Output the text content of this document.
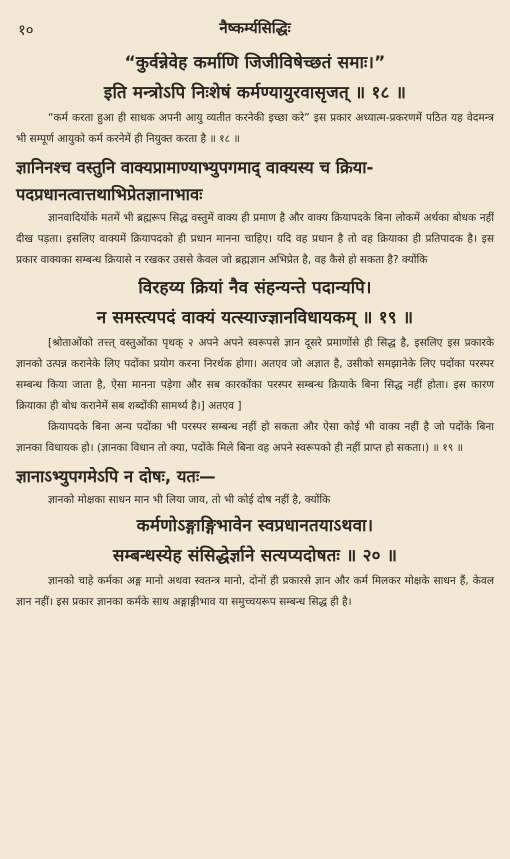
१०	नैष्कर्म्यसिद्धिः
“कुर्वन्नेवेह कर्माणि जिजीविषेच्छतं समाः।”
इति मन्त्रोऽपि निःशेषं कर्मण्यायुरवासृजत् ॥ १८ ॥

“कर्म करता हुआ ही साधक अपनी आयु व्यतीत करनेकी इच्छा करे” इस प्रकार अध्यात्म-प्रकरणमें पठित यह वेदमन्त्र भी सम्पूर्ण आयुको कर्म करनेमें ही नियुक्त करता है ॥ १८ ॥

ज्ञानिनश्च वस्तुनि वाक्यप्रामाण्याभ्युपगमाद् वाक्यस्य च क्रिया-पदप्रधानत्वात्तथाभिप्रेतज्ञानाभावः

ज्ञानवादियोंके मतमें भी ब्रह्मरूप सिद्ध वस्तुमें वाक्य ही प्रमाण है और वाक्य क्रियापदके बिना लोकमें अर्थका बोधक नहीं दीख पड़ता। इसलिए वाक्यमें क्रियापदको ही प्रधान मानना चाहिए। यदि वह प्रधान है तो वह क्रियाका ही प्रतिपादक है। इस प्रकार वाक्यका सम्बन्ध क्रियासे न रखकर उससे केवल जो ब्रह्मज्ञान अभिप्रेत है, वह कैसे हो सकता है? क्योंकि

विरहय्य क्रियां नैव संहन्यन्ते पदान्यपि।
न समस्त्यपदं वाक्यं यत्स्याज्ज्ञानविधायकम् ॥ १९ ॥

[श्रोताओंको तत्त्त् वस्तुओंका पृथक् २ अपने अपने स्वरूपसे ज्ञान दूसरे प्रमाणोंसे ही सिद्ध है, इसलिए इस प्रकारके ज्ञानको उत्पन्न करानेके लिए पदोंका प्रयोग करना निरर्थक होगा। अतएव जो अज्ञात है, उसीको समझानेके लिए पदोंका परस्पर सम्बन्ध किया जाता है, ऐसा मानना पड़ेगा और सब कारकोंका परस्पर सम्बन्ध क्रियाके बिना सिद्ध नहीं होता। इस कारण क्रियाका ही बोध करानेमें सब शब्दोंकी सामर्थ्य है।] अतएव ]

क्रियापदके बिना अन्य पदोंका भी परस्पर सम्बन्ध नहीं हो सकता और ऐसा कोई भी वाक्य नहीं है जो पदोंके बिना ज्ञानका विधायक हो। (ज्ञानका विधान तो क्या, पदोंके मिले बिना वह अपने स्वरूपको ही नहीं प्राप्त हो सकता।) ॥ १९ ॥

ज्ञानाऽभ्युपगमेऽपि न दोषः, यतः—

ज्ञानको मोक्षका साधन मान भी लिया जाय, तो भी कोई दोष नहीं है, क्योंकि

कर्मणोऽङ्गाङ्गिभावेन स्वप्रधानतयाऽथवा।
सम्बन्धस्येह संसिद्धेर्ज्ञाने सत्यप्यदोषतः ॥ २० ॥

ज्ञानको चाहे कर्मका अङ्ग मानो अथवा स्वतन्त्र मानो, दोनों ही प्रकारसे ज्ञान और कर्म मिलकर मोक्षके साधन हैं, केवल ज्ञान नहीं। इस प्रकार ज्ञानका कर्मके साथ अङ्गाङ्गीभाव या समुच्चयरूप सम्बन्ध सिद्ध ही है।
